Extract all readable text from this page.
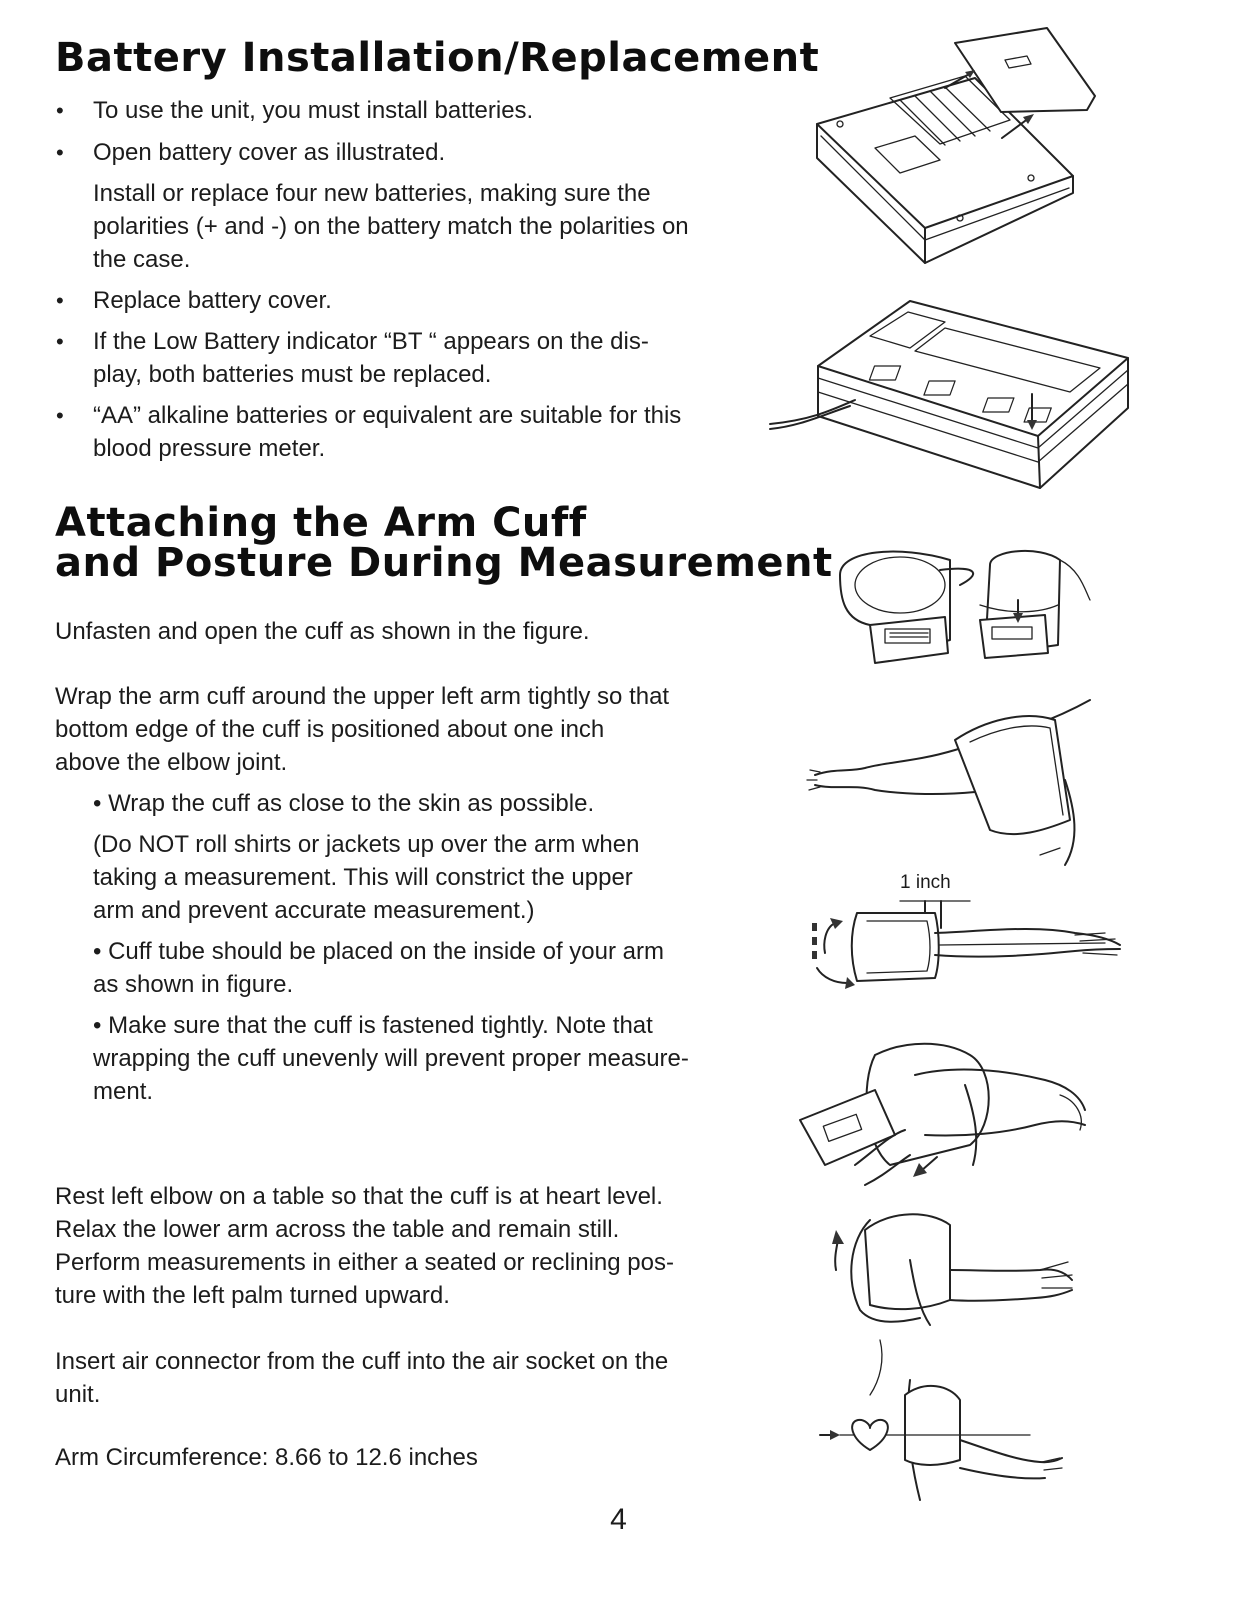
Battery Installation/Replacement
• To use the unit, you must install batteries.

• Open battery cover as illustrated.

Install or replace four new batteries, making sure the

polarities (+ and -) on the battery match the polarities on

the case.

• Replace battery cover.

• If the Low Battery indicator “BT “ appears on the dis-

play, both batteries must be replaced.

• “AA” alkaline batteries or equivalent are suitable for this

blood pressure meter.

Attaching the Arm Cuff
and Posture During Measurement

Unfasten and open the cuff as shown in the figure.

Wrap the arm cuff around the upper left arm tightly so that

bottom edge of the cuff is positioned about one inch

above the elbow joint.

• Wrap the cuff as close to the skin as possible.

(Do NOT roll shirts or jackets up over the arm when

taking a measurement. This will constrict the upper

arm and prevent accurate measurement.)

• Cuff tube should be placed on the inside of your arm

as shown in figure.

• Make sure that the cuff is fastened tightly. Note that

wrapping the cuff unevenly will prevent proper measure-

ment.

Rest left elbow on a table so that the cuff is at heart level.

Relax the lower arm across the table and remain still.

Perform measurements in either a seated or reclining pos-

ture with the left palm turned upward.

Insert air connector from the cuff into the air socket on the

unit.

Arm Circumference: 8.66 to 12.6 inches

1 inch
4
